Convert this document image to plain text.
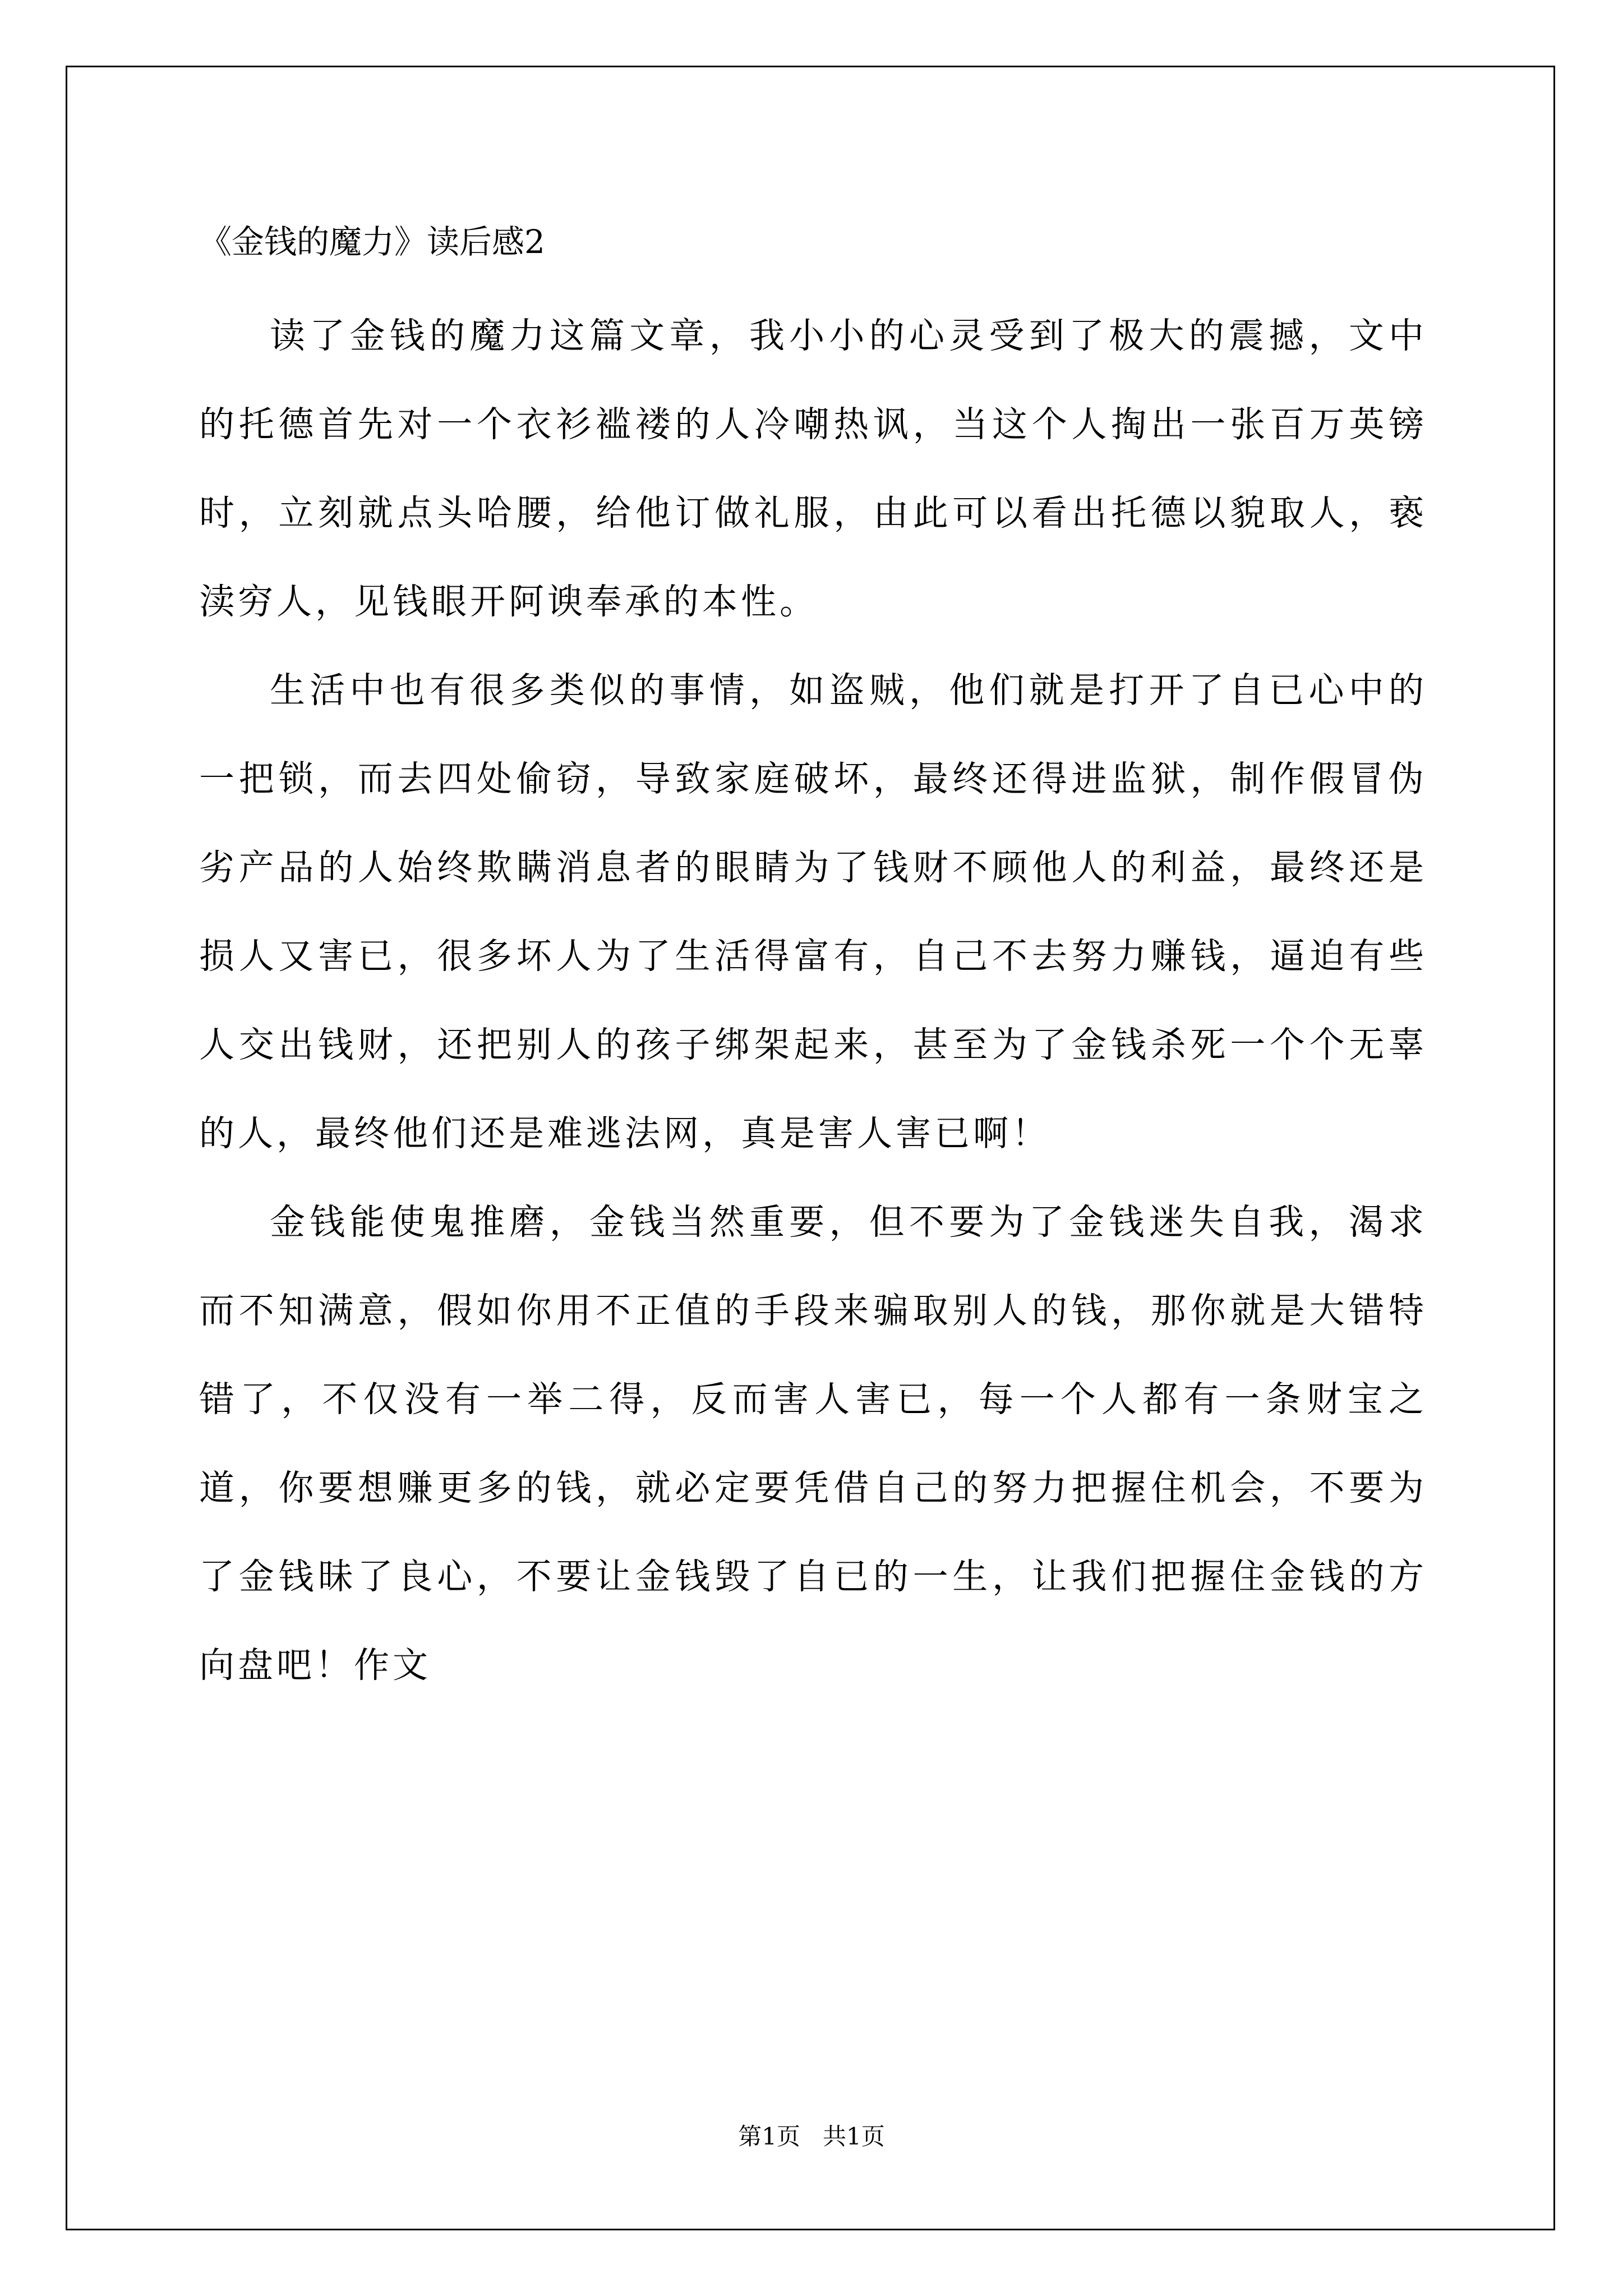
《金钱的魔力》读后感2

读了金钱的魔力这篇文章，我小小的心灵受到了极大的震撼，文中的托德首先对一个衣衫褴褛的人冷嘲热讽，当这个人掏出一张百万英镑时，立刻就点头哈腰，给他订做礼服，由此可以看出托德以貌取人，亵渎穷人，见钱眼开阿谀奉承的本性。

生活中也有很多类似的事情，如盗贼，他们就是打开了自已心中的一把锁，而去四处偷窃，导致家庭破坏，最终还得进监狱，制作假冒伪劣产品的人始终欺瞒消息者的眼睛为了钱财不顾他人的利益，最终还是损人又害已，很多坏人为了生活得富有，自己不去努力赚钱，逼迫有些人交出钱财，还把别人的孩子绑架起来，甚至为了金钱杀死一个个无辜的人，最终他们还是难逃法网，真是害人害已啊！

金钱能使鬼推磨，金钱当然重要，但不要为了金钱迷失自我，渴求而不知满意，假如你用不正值的手段来骗取别人的钱，那你就是大错特错了，不仅没有一举二得，反而害人害已，每一个人都有一条财宝之道，你要想赚更多的钱，就必定要凭借自己的努力把握住机会，不要为了金钱昧了良心，不要让金钱毁了自已的一生，让我们把握住金钱的方向盘吧！作文

第1页 共1页
